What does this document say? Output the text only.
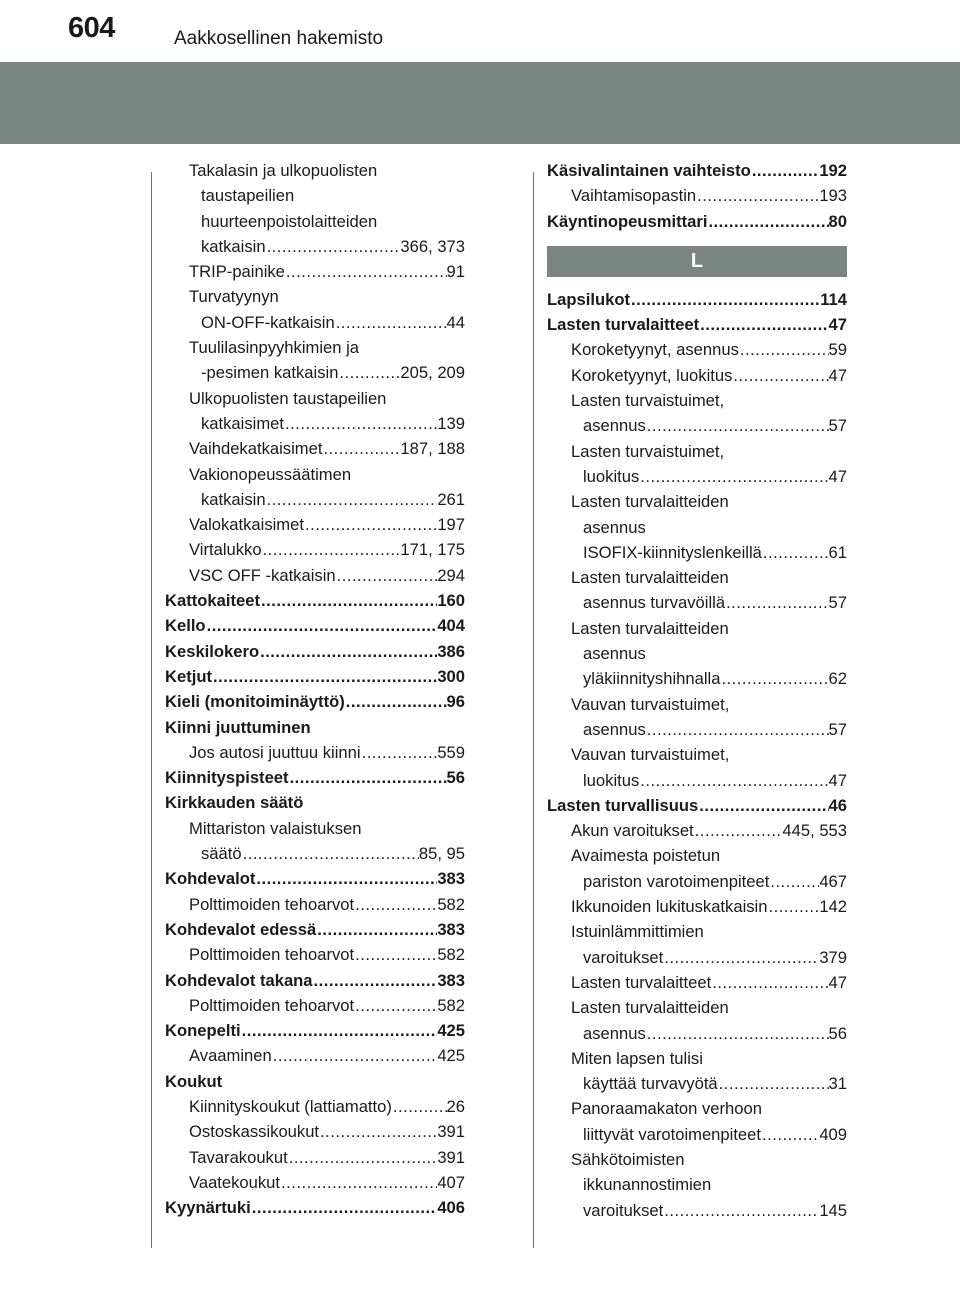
604	Aakkosellinen hakemisto
Takalasin ja ulkopuolisten
taustapeilien
huurteenpoistolaitteiden
katkaisin .....	366, 373
TRIP-painike .....	91
Turvatyynyn
ON-OFF-katkaisin .....	44
Tuulilasinpyyhkimien ja
-pesimen katkaisin .....	205, 209
Ulkopuolisten taustapeilien
katkaisimet .....	139
Vaihdekatkaisimet .....	187, 188
Vakionopeussäätimen
katkaisin .....	261
Valokatkaisimet .....	197
Virtalukko .....	171, 175
VSC OFF -katkaisin .....	294
Kattokaiteet .....	160
Kello .....	404
Keskilokero .....	386
Ketjut .....	300
Kieli (monitoiminäyttö) .....	96
Kiinni juuttuminen
Jos autosi juuttuu kiinni .....	559
Kiinnityspisteet .....	56
Kirkkauden säätö
Mittariston valaistuksen
säätö .....	85, 95
Kohdevalot .....	383
Polttimoiden tehoarvot .....	582
Kohdevalot edessä .....	383
Polttimoiden tehoarvot .....	582
Kohdevalot takana .....	383
Polttimoiden tehoarvot .....	582
Konepelti .....	425
Avaaminen .....	425
Koukut
Kiinnityskoukut (lattiamatto) .....	26
Ostoskassikoukut .....	391
Tavarakoukut .....	391
Vaatekoukut .....	407
Kyynärtuki .....	406
Käsivalintainen vaihteisto .....	192
Vaihtamisopastin .....	193
Käyntinopeusmittari .....	80
L
Lapsilukot .....	114
Lasten turvalaitteet .....	47
Koroketyynyt, asennus .....	59
Koroketyynyt, luokitus .....	47
Lasten turvaistuimet,
asennus .....	57
Lasten turvaistuimet,
luokitus .....	47
Lasten turvalaitteiden
asennus
ISOFIX-kiinnityslenkeillä .....	61
Lasten turvalaitteiden
asennus turvavöillä .....	57
Lasten turvalaitteiden
asennus
yläkiinnityshihnalla .....	62
Vauvan turvaistuimet,
asennus .....	57
Vauvan turvaistuimet,
luokitus .....	47
Lasten turvallisuus .....	46
Akun varoitukset .....	445, 553
Avaimesta poistetun
pariston varotoimenpiteet .....	467
Ikkunoiden lukituskatkaisin .....	142
Istuinlämmittimien
varoitukset .....	379
Lasten turvalaitteet .....	47
Lasten turvalaitteiden
asennus .....	56
Miten lapsen tulisi
käyttää turvavyötä .....	31
Panoraamakaton verhoon
liittyvät varotoimenpiteet .....	409
Sähkötoimisten
ikkunannostimien
varoitukset .....	145
